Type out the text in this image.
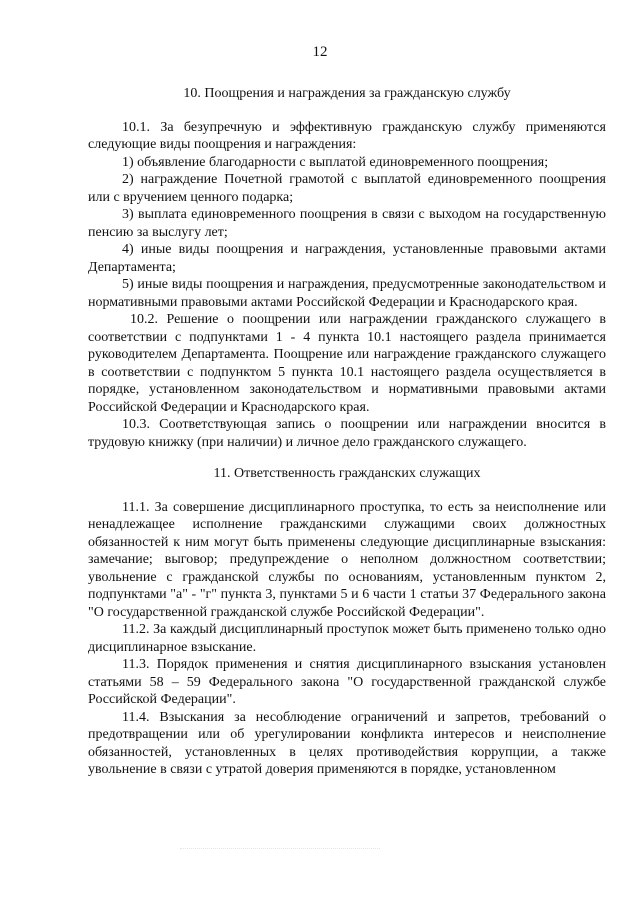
12

10. Поощрения и награждения за гражданскую службу

10.1. За безупречную и эффективную гражданскую службу применяются следующие виды поощрения и награждения:

1) объявление благодарности с выплатой единовременного поощрения;

2) награждение Почетной грамотой с выплатой единовременного поощрения или с вручением ценного подарка;

3) выплата единовременного поощрения в связи с выходом на государственную пенсию за выслугу лет;

4) иные виды поощрения и награждения, установленные правовыми актами Департамента;

5) иные виды поощрения и награждения, предусмотренные законодательством и нормативными правовыми актами Российской Федерации и Краснодарского края.

10.2. Решение о поощрении или награждении гражданского служащего в соответствии с подпунктами 1 - 4 пункта 10.1 настоящего раздела принимается руководителем Департамента. Поощрение или награждение гражданского служащего в соответствии с подпунктом 5 пункта 10.1 настоящего раздела осуществляется в порядке, установленном законодательством и нормативными правовыми актами Российской Федерации и Краснодарского края.

10.3. Соответствующая запись о поощрении или награждении вносится в трудовую книжку (при наличии) и личное дело гражданского служащего.

11. Ответственность гражданских служащих

11.1. За совершение дисциплинарного проступка, то есть за неисполнение или ненадлежащее исполнение гражданскими служащими своих должностных обязанностей к ним могут быть применены следующие дисциплинарные взыскания: замечание; выговор; предупреждение о неполном должностном соответствии; увольнение с гражданской службы по основаниям, установленным пунктом 2, подпунктами "а" - "г" пункта 3, пунктами 5 и 6 части 1 статьи 37 Федерального закона "О государственной гражданской службе Российской Федерации".

11.2. За каждый дисциплинарный проступок может быть применено только одно дисциплинарное взыскание.

11.3. Порядок применения и снятия дисциплинарного взыскания установлен статьями 58 – 59 Федерального закона "О государственной гражданской службе Российской Федерации".

11.4. Взыскания за несоблюдение ограничений и запретов, требований о предотвращении или об урегулировании конфликта интересов и неисполнение обязанностей, установленных в целях противодействия коррупции, а также увольнение в связи с утратой доверия применяются в порядке, установленном
